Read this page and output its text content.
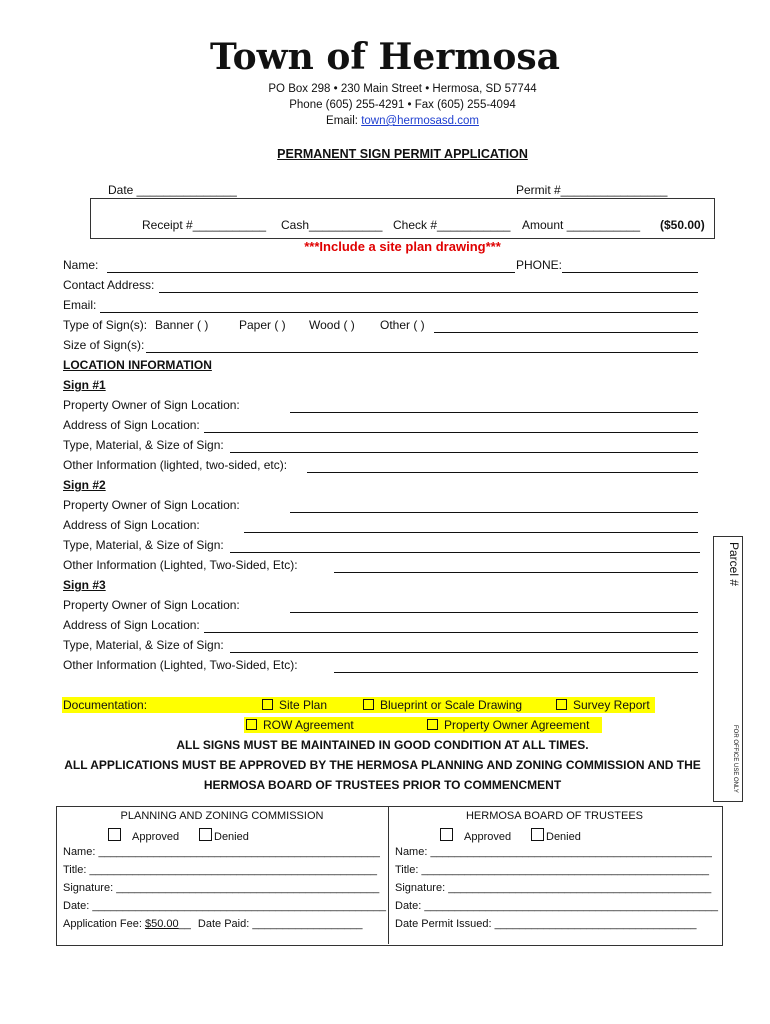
Town of Hermosa
PO Box 298 • 230 Main Street • Hermosa, SD 57744
Phone (605) 255-4291 • Fax (605) 255-4094
Email: town@hermosasd.com
PERMANENT SIGN PERMIT APPLICATION
Date _______________	Permit #________________
Receipt #___________ Cash___________ Check #___________ Amount ___________ ($50.00)
***Include a site plan drawing***
Name:	PHONE:
Contact Address:
Email:
Type of Sign(s): Banner ( )	Paper ( ) Wood ( ) Other ( )
Size of Sign(s):
LOCATION INFORMATION
Sign #1
Property Owner of Sign Location:
Address of Sign Location:
Type, Material, & Size of Sign:
Other Information (lighted, two-sided, etc):
Sign #2
Property Owner of Sign Location:
Address of Sign Location:
Type, Material, & Size of Sign:
Other Information (Lighted, Two-Sided, Etc):
Sign #3
Property Owner of Sign Location:
Address of Sign Location:
Type, Material, & Size of Sign:
Other Information (Lighted, Two-Sided, Etc):
Parcel #
FOR OFFICE USE ONLY
Documentation:	Site Plan	Blueprint or Scale Drawing	Survey Report
ROW Agreement	Property Owner Agreement
ALL SIGNS MUST BE MAINTAINED IN GOOD CONDITION AT ALL TIMES.
ALL APPLICATIONS MUST BE APPROVED BY THE HERMOSA PLANNING AND ZONING COMMISSION AND THE
HERMOSA BOARD OF TRUSTEES PRIOR TO COMMENCMENT
PLANNING AND ZONING COMMISSION
Approved	Denied
Name: ______________________________________________
Title: _______________________________________________
Signature: ___________________________________________
Date: ________________________________________________
Application Fee: $50.00__ Date Paid: __________________
HERMOSA BOARD OF TRUSTEES
Approved	Denied
Name: ______________________________________________
Title: _______________________________________________
Signature: ___________________________________________
Date: ________________________________________________
Date Permit Issued: _________________________________
